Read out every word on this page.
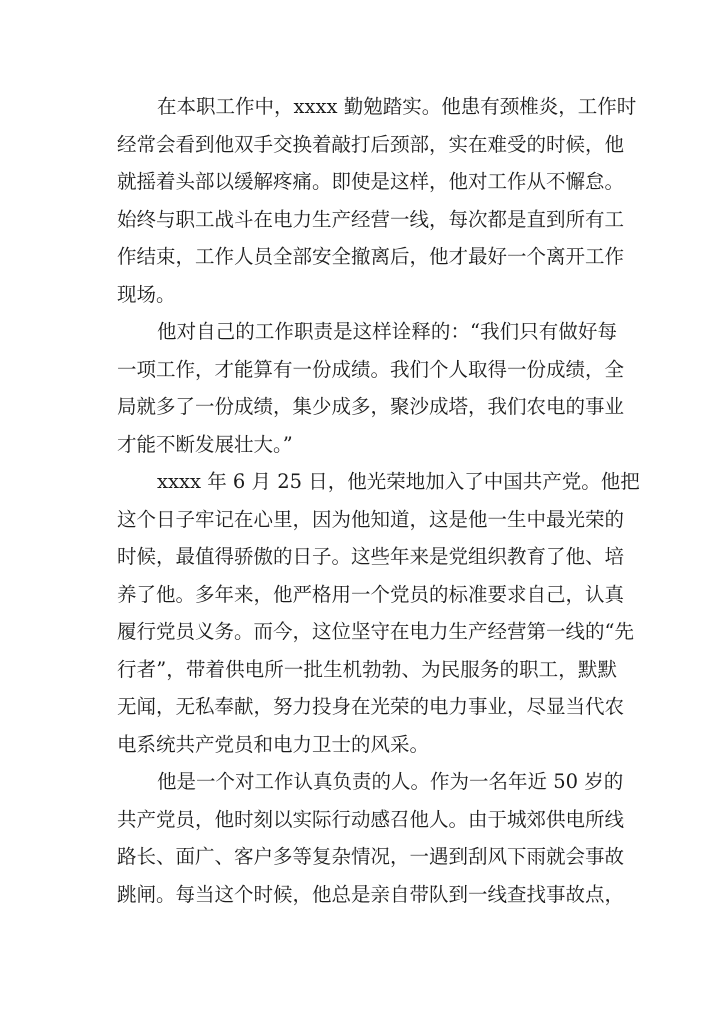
在本职工作中，xxxx 勤勉踏实。他患有颈椎炎，工作时
经常会看到他双手交换着敲打后颈部，实在难受的时候，他
就摇着头部以缓解疼痛。即使是这样，他对工作从不懈怠。
始终与职工战斗在电力生产经营一线，每次都是直到所有工
作结束，工作人员全部安全撤离后，他才最好一个离开工作
现场。
他对自己的工作职责是这样诠释的：“我们只有做好每
一项工作，才能算有一份成绩。我们个人取得一份成绩，全
局就多了一份成绩，集少成多，聚沙成塔，我们农电的事业
才能不断发展壮大。”
xxxx 年 6 月 25 日，他光荣地加入了中国共产党。他把
这个日子牢记在心里，因为他知道，这是他一生中最光荣的
时候，最值得骄傲的日子。这些年来是党组织教育了他、培
养了他。多年来，他严格用一个党员的标准要求自己，认真
履行党员义务。而今，这位坚守在电力生产经营第一线的“先
行者”，带着供电所一批生机勃勃、为民服务的职工，默默
无闻，无私奉献，努力投身在光荣的电力事业，尽显当代农
电系统共产党员和电力卫士的风采。
他是一个对工作认真负责的人。作为一名年近 50 岁的
共产党员，他时刻以实际行动感召他人。由于城郊供电所线
路长、面广、客户多等复杂情况，一遇到刮风下雨就会事故
跳闸。每当这个时候，他总是亲自带队到一线查找事故点，
